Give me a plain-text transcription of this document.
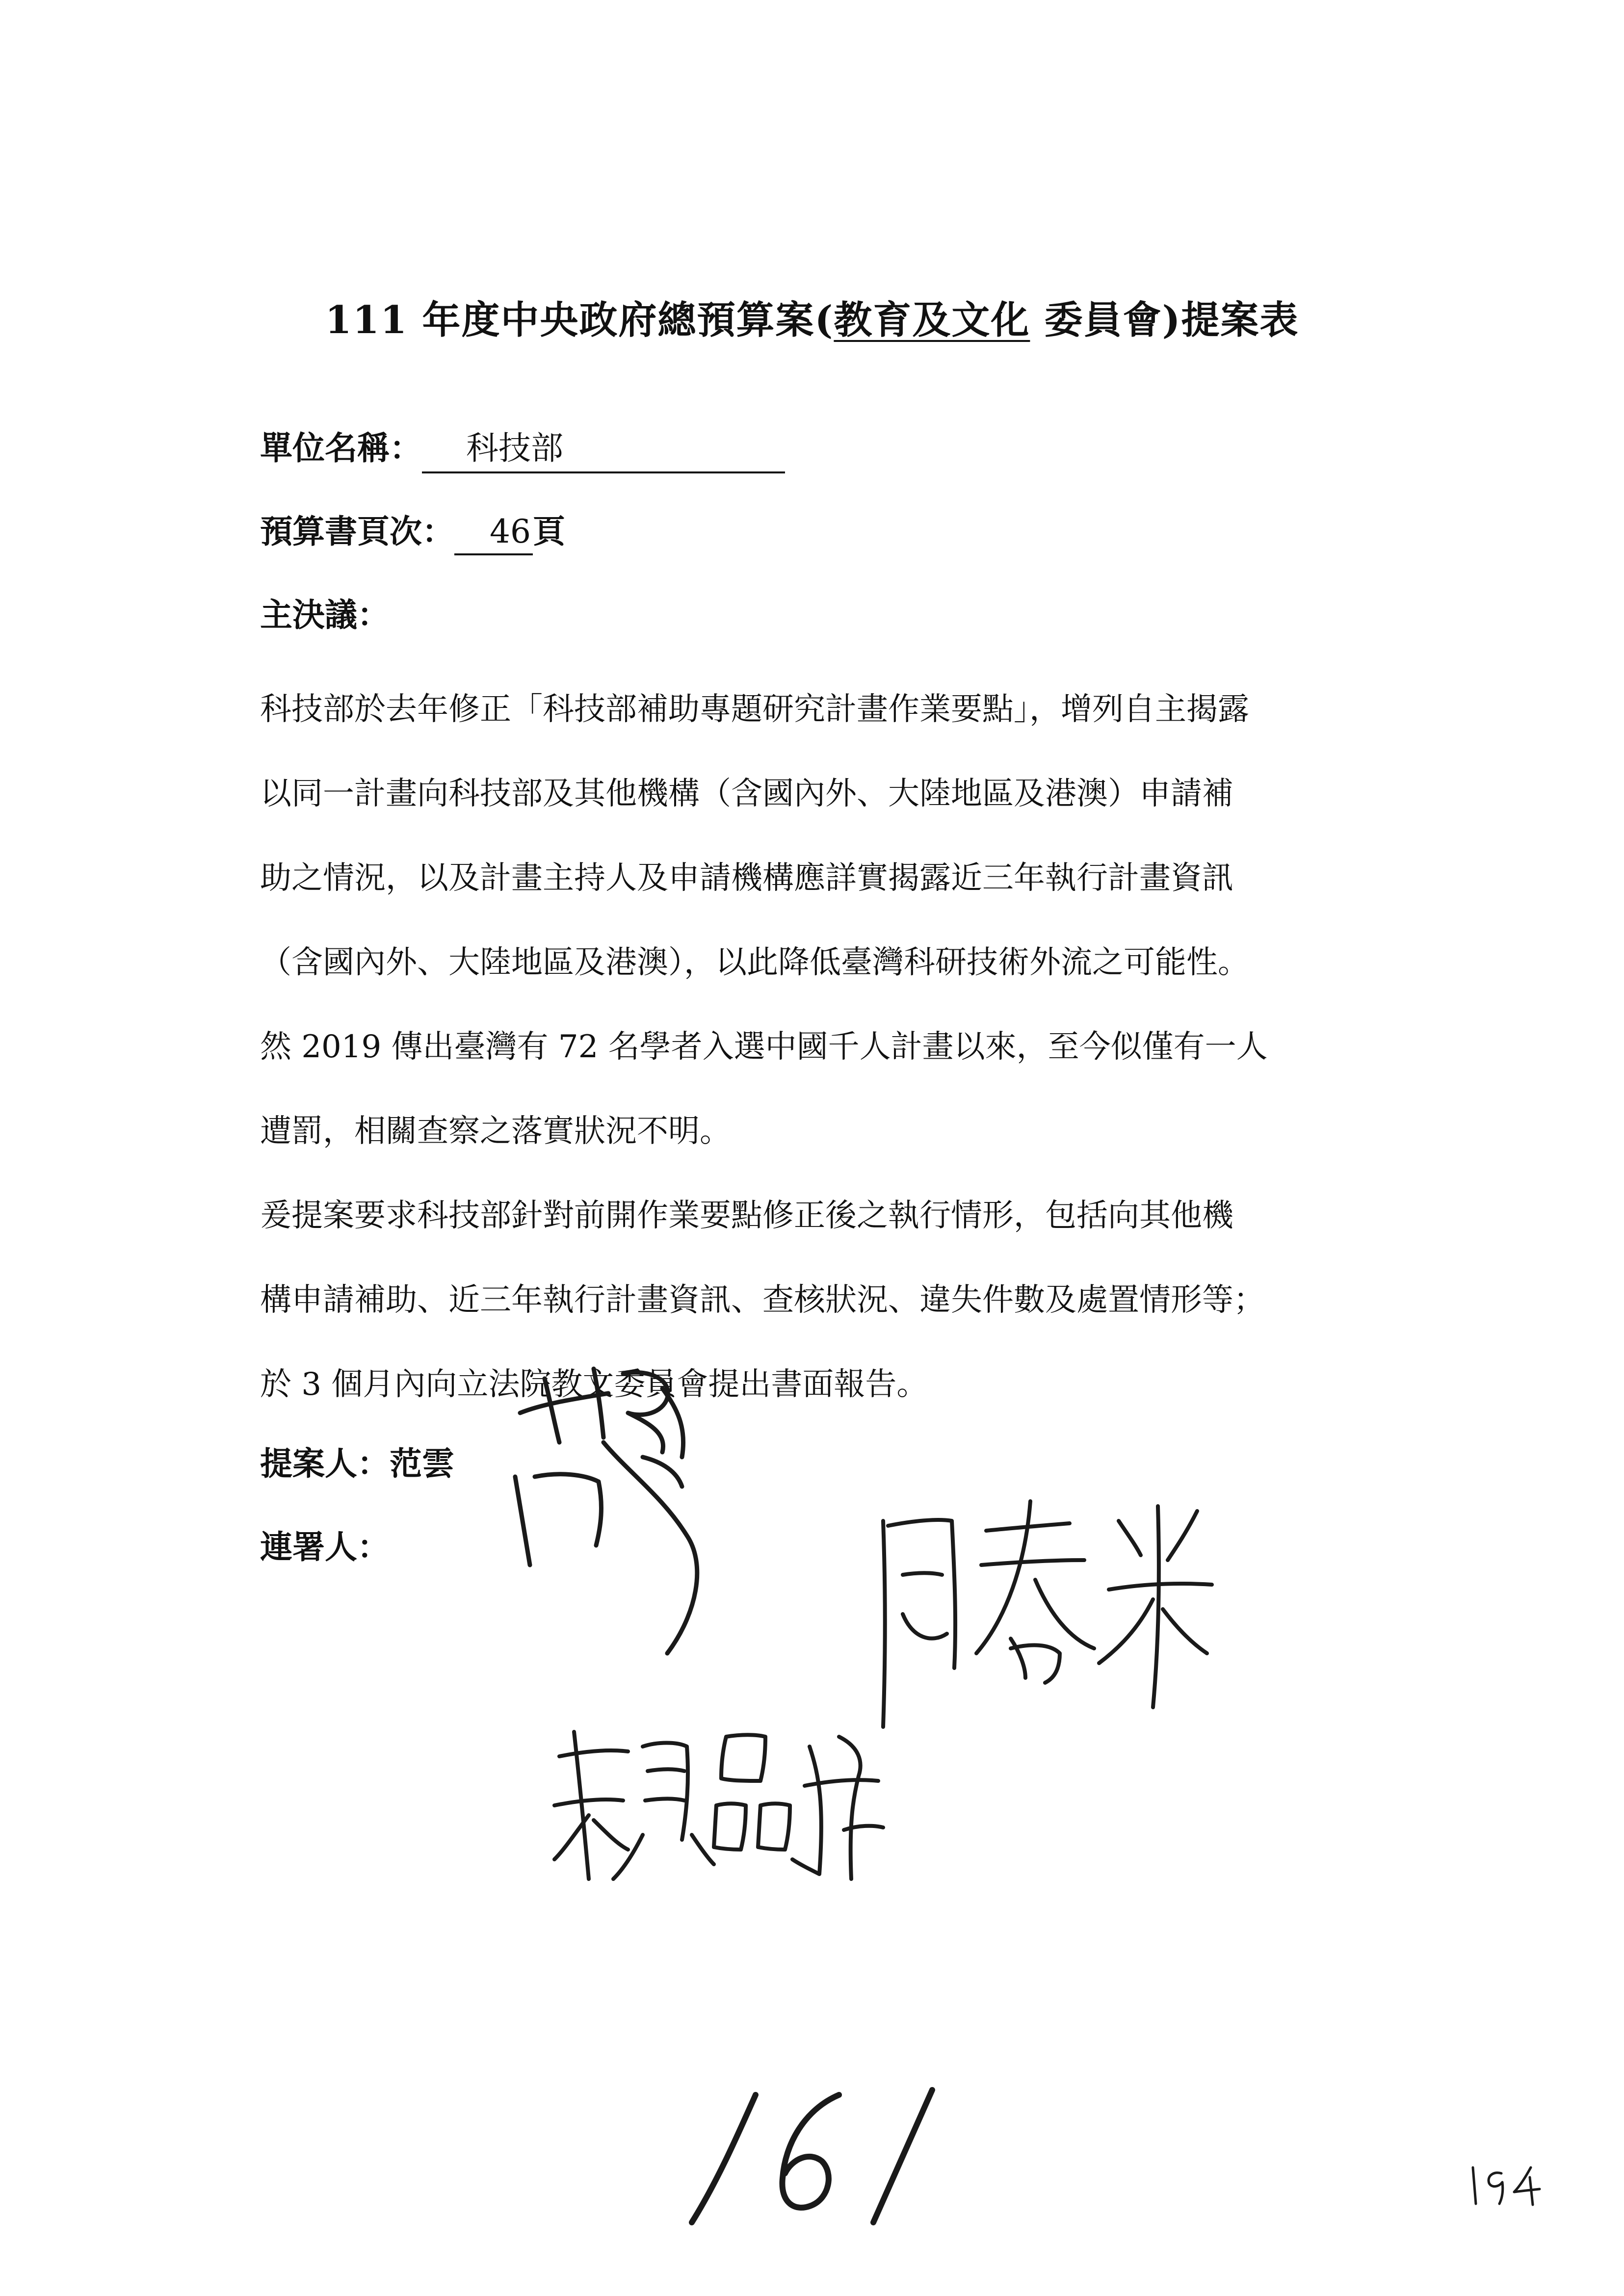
111 年度中央政府總預算案(教育及文化 委員會)提案表
單位名稱： 科技部
預算書頁次： 46頁
主決議：
科技部於去年修正「科技部補助專題研究計畫作業要點」，增列自主揭露
以同一計畫向科技部及其他機構（含國內外、大陸地區及港澳）申請補
助之情況，以及計畫主持人及申請機構應詳實揭露近三年執行計畫資訊
（含國內外、大陸地區及港澳），以此降低臺灣科研技術外流之可能性。
然 2019 傳出臺灣有 72 名學者入選中國千人計畫以來，至今似僅有一人
遭罰，相關查察之落實狀況不明。
爰提案要求科技部針對前開作業要點修正後之執行情形，包括向其他機
構申請補助、近三年執行計畫資訊、查核狀況、違失件數及處置情形等；
於 3 個月內向立法院教文委員會提出書面報告。
提案人：范雲
連署人：
